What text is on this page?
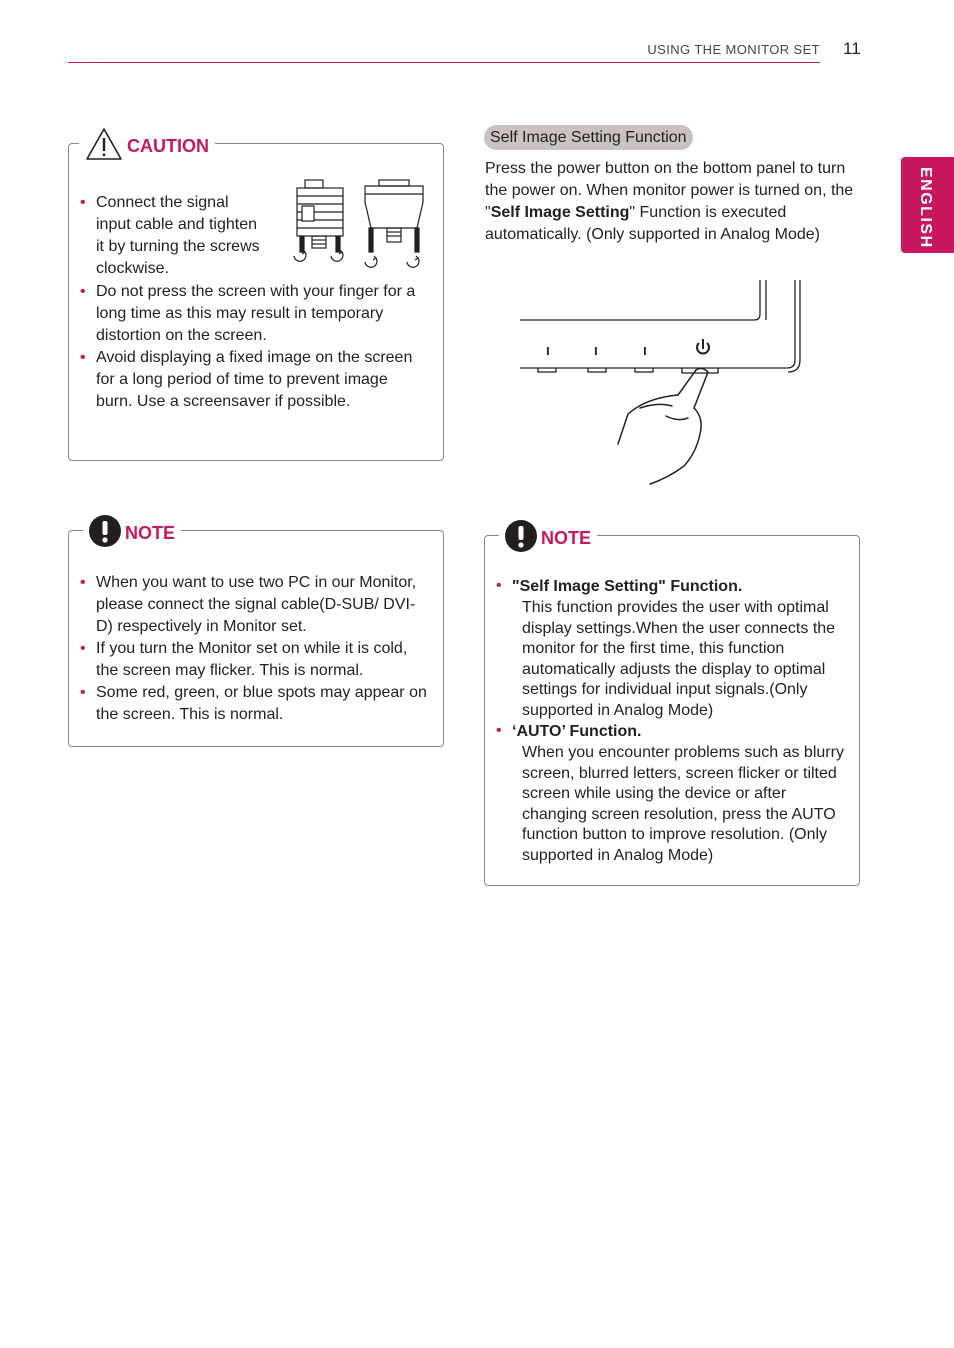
USING THE MONITOR SET 11
ENGLISH
CAUTION
• Connect the signal input cable and tighten it by turning the screws clockwise.
• Do not press the screen with your finger for a long time as this may result in temporary distortion on the screen.
• Avoid displaying a fixed image on the screen for a long period of time to prevent image burn. Use a screensaver if possible.
NOTE
• When you want to use two PC in our Monitor, please connect the signal cable(D-SUB/ DVI-D) respectively in Monitor set.
• If you turn the Monitor set on while it is cold, the screen may flicker. This is normal.
• Some red, green, or blue spots may appear on the screen. This is normal.
Self Image Setting Function
Press the power button on the bottom panel to turn the power on. When monitor power is turned on, the "Self Image Setting" Function is executed automatically. (Only supported in Analog Mode)
NOTE
• "Self Image Setting" Function.
This function provides the user with optimal display settings.When the user connects the monitor for the first time, this function automatically adjusts the display to optimal settings for individual input signals.(Only supported in Analog Mode)
• ‘AUTO’ Function.
When you encounter problems such as blurry screen, blurred letters, screen flicker or tilted screen while using the device or after changing screen resolution, press the AUTO function button to improve resolution. (Only supported in Analog Mode)
